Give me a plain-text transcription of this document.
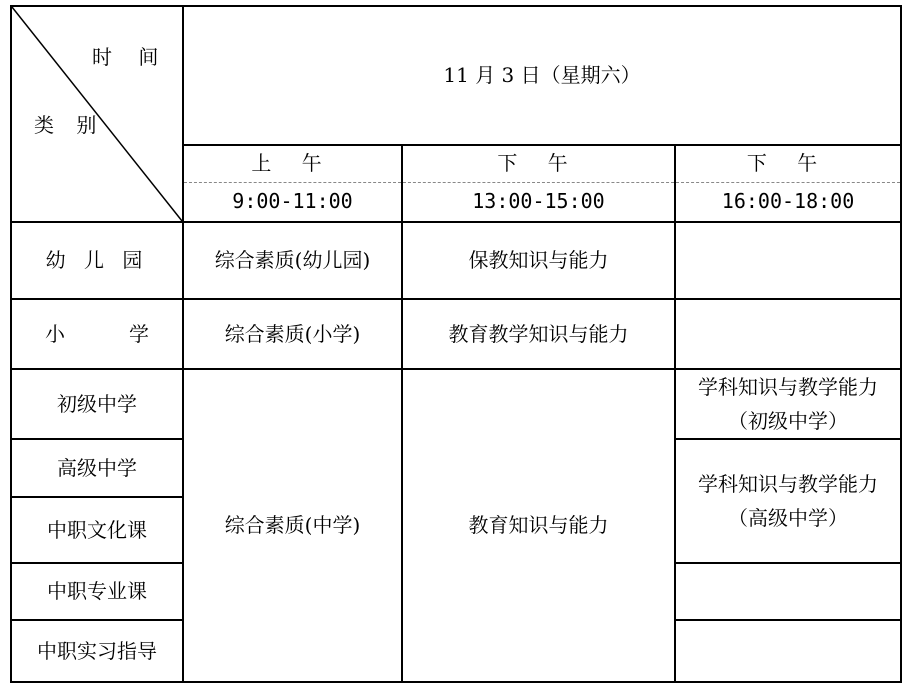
时 间
类 别	11 月 3 日（星期六）		
	上 午	下 午	下 午
	9:00-11:00	13:00-15:00	16:00-18:00
幼 儿 园	综合素质(幼儿园)	保教知识与能力	
小 学	综合素质(小学)	教育教学知识与能力	
初级中学	综合素质(中学)	教育知识与能力	学科知识与教学能力
（初级中学）

高级中学			学科知识与教学能力
（高级中学）

中职文化课			
中职专业课			
中职实习指导			
